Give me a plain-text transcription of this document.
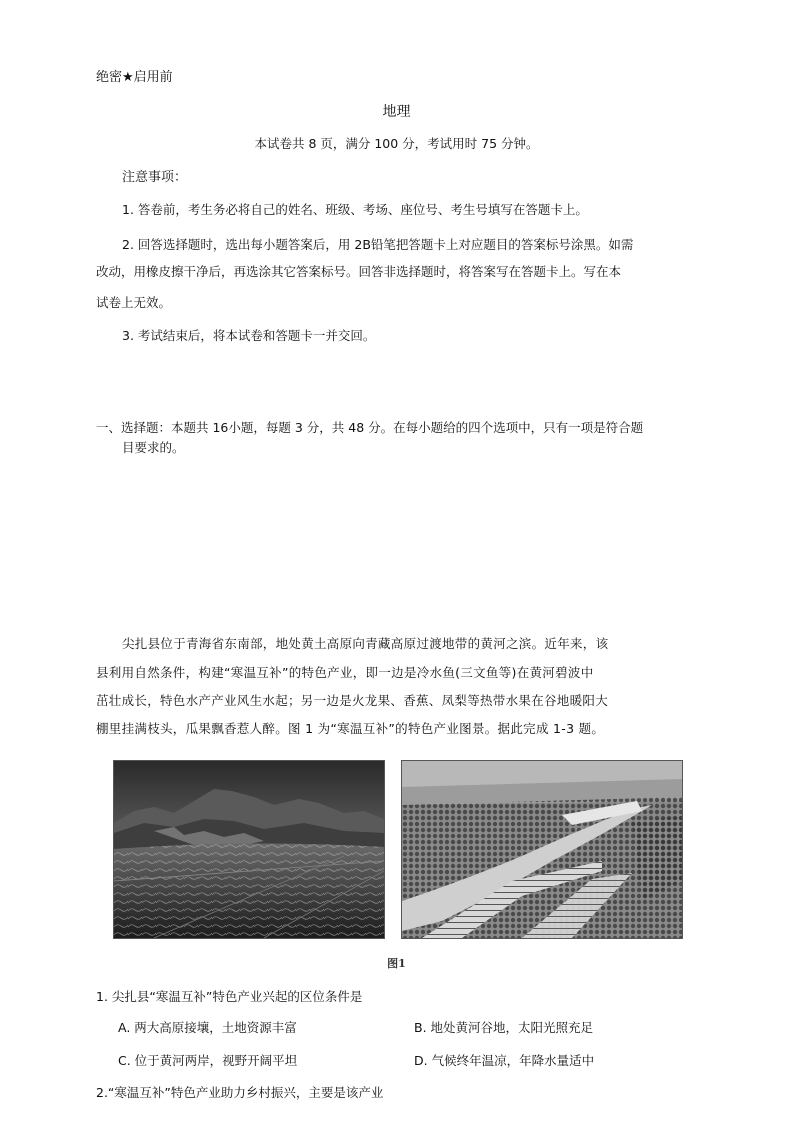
绝密★启用前
地理
本试卷共 8 页，满分 100 分，考试用时 75 分钟。
注意事项：
1. 答卷前，考生务必将自己的姓名、班级、考场、座位号、考生号填写在答题卡上。
2. 回答选择题时，选出每小题答案后，用 2B铅笔把答题卡上对应题目的答案标号涂黑。如需
改动，用橡皮擦干净后，再选涂其它答案标号。回答非选择题时，将答案写在答题卡上。写在本
试卷上无效。
3. 考试结束后，将本试卷和答题卡一并交回。
一、选择题：本题共 16小题，每题 3 分，共 48 分。在每小题给的四个选项中，只有一项是符合题
目要求的。
尖扎县位于青海省东南部，地处黄土高原向青藏高原过渡地带的黄河之滨。近年来，该
县利用自然条件，构建“寒温互补”的特色产业，即一边是冷水鱼(三文鱼等)在黄河碧波中
茁壮成长，特色水产产业风生水起；另一边是火龙果、香蕉、凤梨等热带水果在谷地暖阳大
棚里挂满枝头，瓜果飘香惹人醉。图 1 为“寒温互补”的特色产业图景。据此完成 1-3 题。
图1
1. 尖扎县“寒温互补”特色产业兴起的区位条件是
A. 两大高原接壤，土地资源丰富	B. 地处黄河谷地，太阳光照充足
C. 位于黄河两岸，视野开阔平坦	D. 气候终年温凉，年降水量适中
2.“寒温互补”特色产业助力乡村振兴，主要是该产业
